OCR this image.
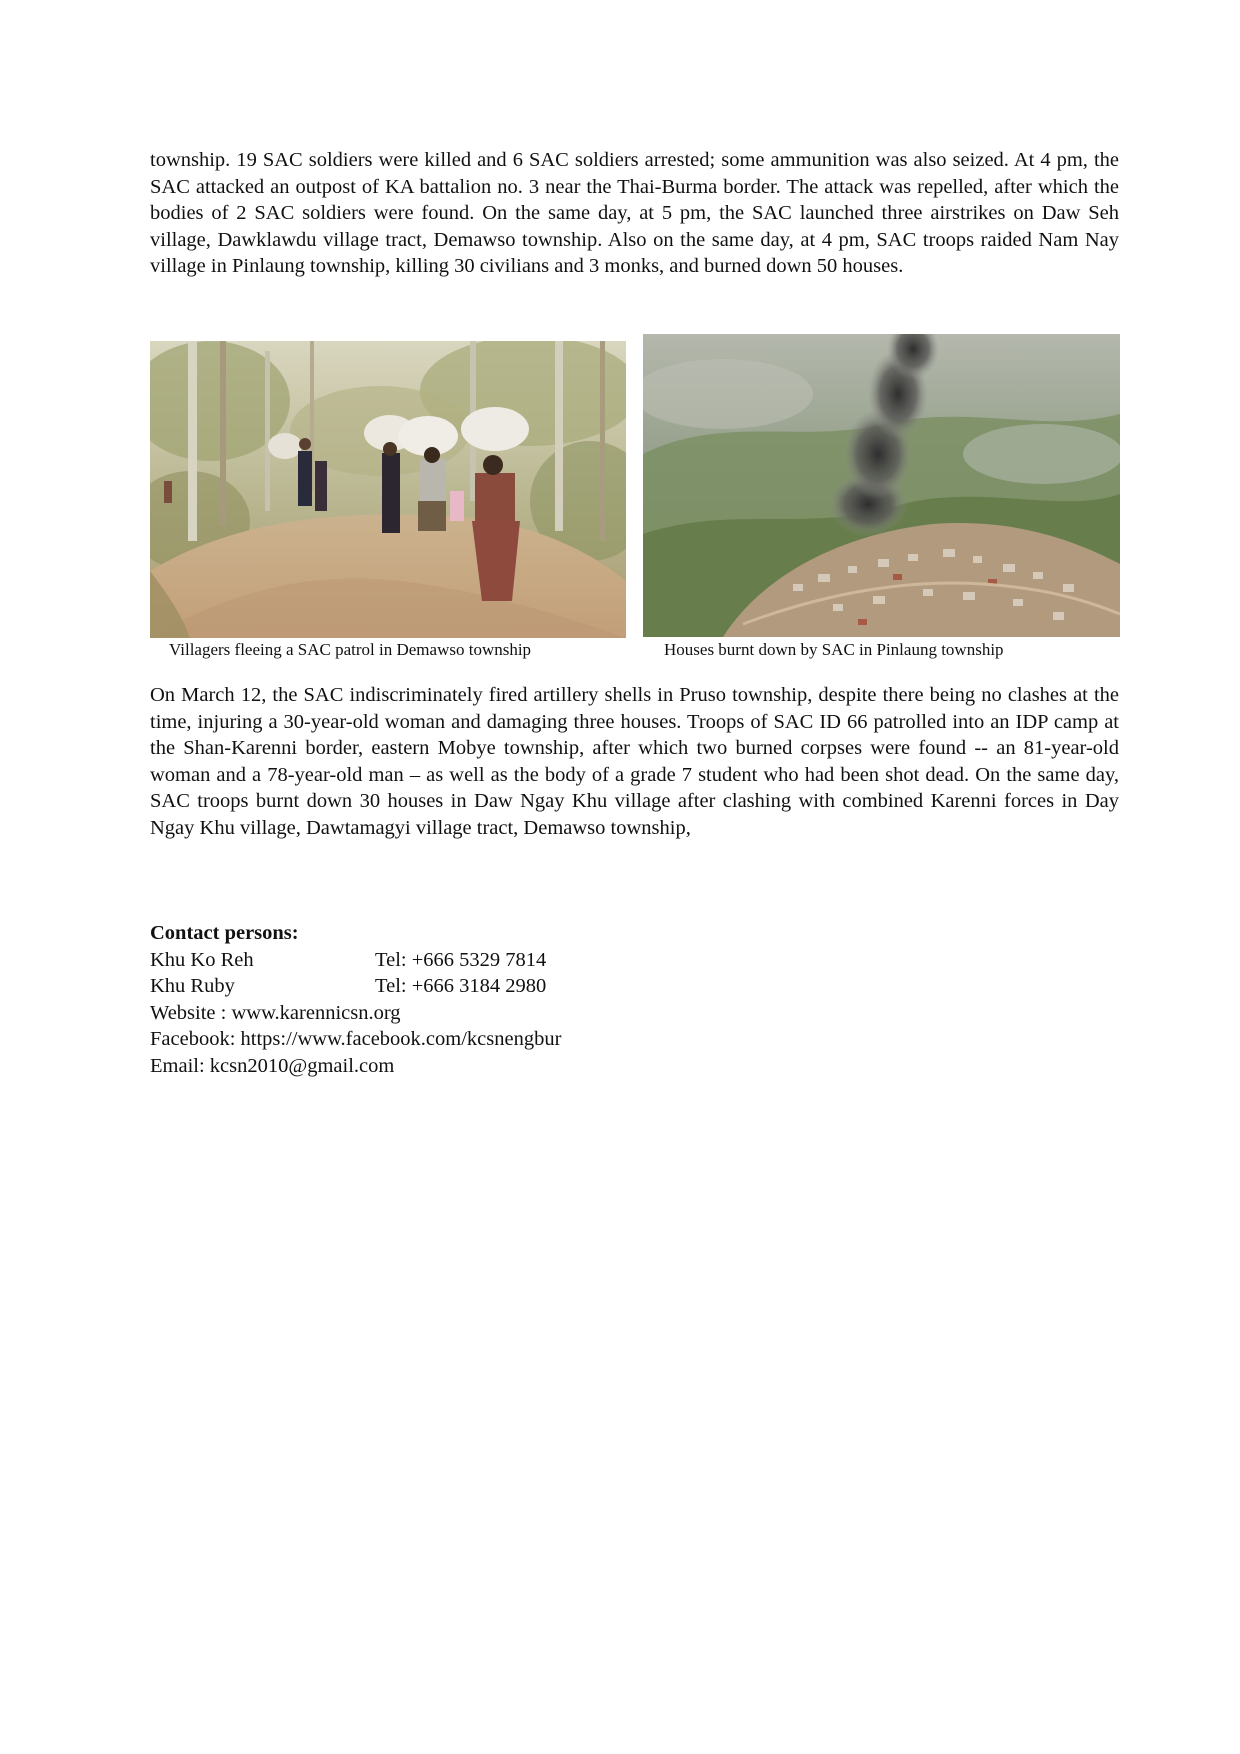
township. 19 SAC soldiers were killed and 6 SAC soldiers arrested; some ammunition was also seized. At 4 pm, the SAC attacked an outpost of KA battalion no. 3 near the Thai-Burma border. The attack was repelled, after which the bodies of 2 SAC soldiers were found. On the same day, at 5 pm, the SAC launched three airstrikes on Daw Seh village, Dawklawdu village tract, Demawso township. Also on the same day, at 4 pm, SAC troops raided Nam Nay village in Pinlaung township, killing 30 civilians and 3 monks, and burned down 50 houses.

Villagers fleeing a SAC patrol in Demawso township	Houses burnt down by SAC in Pinlaung township

On March 12, the SAC indiscriminately fired artillery shells in Pruso township, despite there being no clashes at the time, injuring a 30-year-old woman and damaging three houses. Troops of SAC ID 66 patrolled into an IDP camp at the Shan-Karenni border, eastern Mobye township, after which two burned corpses were found -- an 81-year-old woman and a 78-year-old man – as well as the body of a grade 7 student who had been shot dead. On the same day, SAC troops burnt down 30 houses in Daw Ngay Khu village after clashing with combined Karenni forces in Day Ngay Khu village, Dawtamagyi village tract, Demawso township,

Contact persons:
Khu Ko Reh	Tel: +666 5329 7814
Khu Ruby	Tel: +666 3184 2980
Website : www.karennicsn.org
Facebook: https://www.facebook.com/kcsnengbur
Email: kcsn2010@gmail.com
